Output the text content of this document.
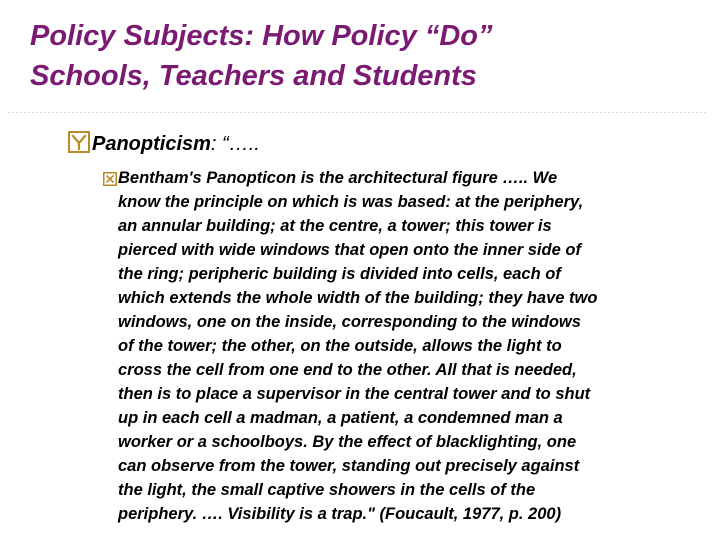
Policy Subjects: How Policy “Do”
Schools, Teachers and Students
Panopticism: “…..
Bentham's Panopticon is the architectural figure ….. We
know the principle on which is was based: at the periphery,
an annular building; at the centre, a tower; this tower is
pierced with wide windows that open onto the inner side of
the ring; peripheric building is divided into cells, each of
which extends the whole width of the building; they have two
windows, one on the inside, corresponding to the windows
of the tower; the other, on the outside, allows the light to
cross the cell from one end to the other. All that is needed,
then is to place a supervisor in the central tower and to shut
up in each cell a madman, a patient, a condemned man a
worker or a schoolboys. By the effect of blacklighting, one
can observe from the tower, standing out precisely against
the light, the small captive showers in the cells of the
periphery. …. Visibility is a trap." (Foucault, 1977, p. 200)
